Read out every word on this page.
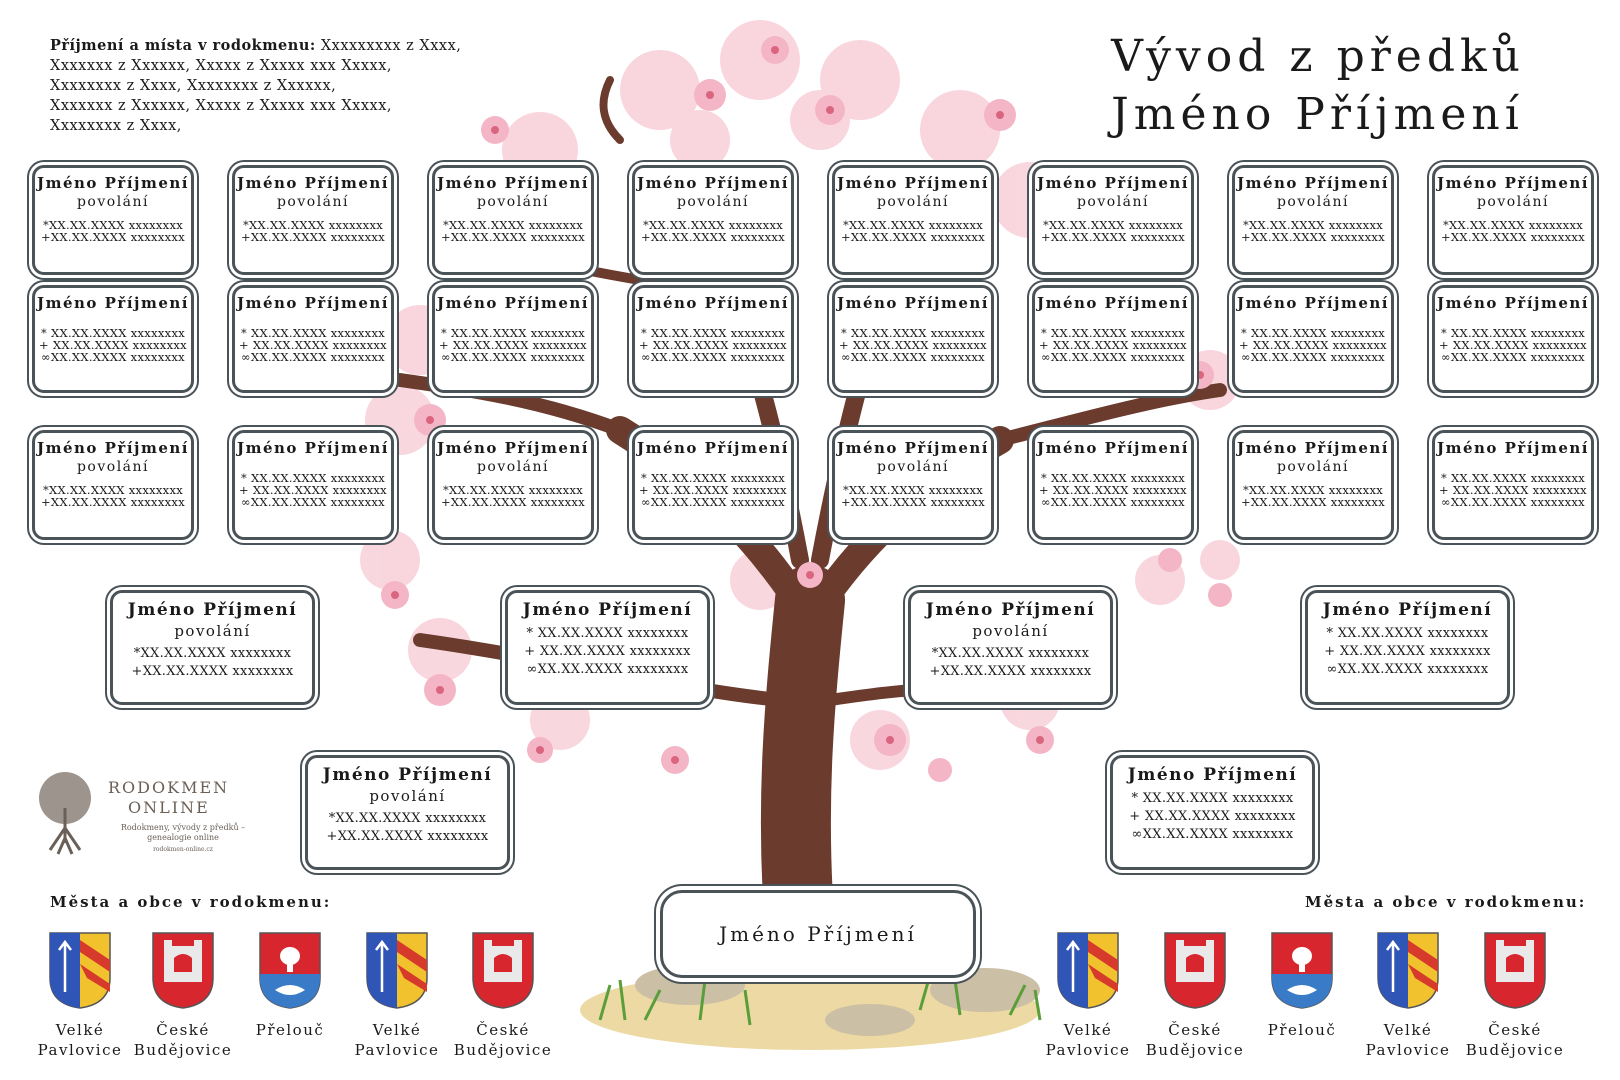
Příjmení a místa v rodokmenu: Xxxxxxxxx z Xxxx,
Xxxxxxx z Xxxxxx, Xxxxx z Xxxxx xxx Xxxxx,
Xxxxxxxx z Xxxx, Xxxxxxxx z Xxxxxx,
Xxxxxxx z Xxxxxx, Xxxxx z Xxxxx xxx Xxxxx,
Xxxxxxxx z Xxxx,
Vývod z předků
Jméno Příjmení
Jméno Příjmení
povolání
*XX.XX.XXXX xxxxxxxx
+XX.XX.XXXX xxxxxxxx
Jméno Příjmení
povolání
*XX.XX.XXXX xxxxxxxx
+XX.XX.XXXX xxxxxxxx
Jméno Příjmení
povolání
*XX.XX.XXXX xxxxxxxx
+XX.XX.XXXX xxxxxxxx
Jméno Příjmení
povolání
*XX.XX.XXXX xxxxxxxx
+XX.XX.XXXX xxxxxxxx
Jméno Příjmení
povolání
*XX.XX.XXXX xxxxxxxx
+XX.XX.XXXX xxxxxxxx
Jméno Příjmení
povolání
*XX.XX.XXXX xxxxxxxx
+XX.XX.XXXX xxxxxxxx
Jméno Příjmení
povolání
*XX.XX.XXXX xxxxxxxx
+XX.XX.XXXX xxxxxxxx
Jméno Příjmení
povolání
*XX.XX.XXXX xxxxxxxx
+XX.XX.XXXX xxxxxxxx
Jméno Příjmení
* XX.XX.XXXX xxxxxxxx
+ XX.XX.XXXX xxxxxxxx
∞XX.XX.XXXX xxxxxxxx
Jméno Příjmení
* XX.XX.XXXX xxxxxxxx
+ XX.XX.XXXX xxxxxxxx
∞XX.XX.XXXX xxxxxxxx
Jméno Příjmení
* XX.XX.XXXX xxxxxxxx
+ XX.XX.XXXX xxxxxxxx
∞XX.XX.XXXX xxxxxxxx
Jméno Příjmení
* XX.XX.XXXX xxxxxxxx
+ XX.XX.XXXX xxxxxxxx
∞XX.XX.XXXX xxxxxxxx
Jméno Příjmení
* XX.XX.XXXX xxxxxxxx
+ XX.XX.XXXX xxxxxxxx
∞XX.XX.XXXX xxxxxxxx
Jméno Příjmení
* XX.XX.XXXX xxxxxxxx
+ XX.XX.XXXX xxxxxxxx
∞XX.XX.XXXX xxxxxxxx
Jméno Příjmení
* XX.XX.XXXX xxxxxxxx
+ XX.XX.XXXX xxxxxxxx
∞XX.XX.XXXX xxxxxxxx
Jméno Příjmení
* XX.XX.XXXX xxxxxxxx
+ XX.XX.XXXX xxxxxxxx
∞XX.XX.XXXX xxxxxxxx
Jméno Příjmení
povolání
*XX.XX.XXXX xxxxxxxx
+XX.XX.XXXX xxxxxxxx
Jméno Příjmení
* XX.XX.XXXX xxxxxxxx
+ XX.XX.XXXX xxxxxxxx
∞XX.XX.XXXX xxxxxxxx
Jméno Příjmení
povolání
*XX.XX.XXXX xxxxxxxx
+XX.XX.XXXX xxxxxxxx
Jméno Příjmení
* XX.XX.XXXX xxxxxxxx
+ XX.XX.XXXX xxxxxxxx
∞XX.XX.XXXX xxxxxxxx
Jméno Příjmení
povolání
*XX.XX.XXXX xxxxxxxx
+XX.XX.XXXX xxxxxxxx
Jméno Příjmení
* XX.XX.XXXX xxxxxxxx
+ XX.XX.XXXX xxxxxxxx
∞XX.XX.XXXX xxxxxxxx
Jméno Příjmení
povolání
*XX.XX.XXXX xxxxxxxx
+XX.XX.XXXX xxxxxxxx
Jméno Příjmení
* XX.XX.XXXX xxxxxxxx
+ XX.XX.XXXX xxxxxxxx
∞XX.XX.XXXX xxxxxxxx
Jméno Příjmení
povolání
*XX.XX.XXXX xxxxxxxx
+XX.XX.XXXX xxxxxxxx
Jméno Příjmení
* XX.XX.XXXX xxxxxxxx
+ XX.XX.XXXX xxxxxxxx
∞XX.XX.XXXX xxxxxxxx
Jméno Příjmení
povolání
*XX.XX.XXXX xxxxxxxx
+XX.XX.XXXX xxxxxxxx
Jméno Příjmení
* XX.XX.XXXX xxxxxxxx
+ XX.XX.XXXX xxxxxxxx
∞XX.XX.XXXX xxxxxxxx
Jméno Příjmení
povolání
*XX.XX.XXXX xxxxxxxx
+XX.XX.XXXX xxxxxxxx
Jméno Příjmení
* XX.XX.XXXX xxxxxxxx
+ XX.XX.XXXX xxxxxxxx
∞XX.XX.XXXX xxxxxxxx
Jméno Příjmení
RODOKMEN
ONLINE
Rodokmeny, vývody z předků – genealogie online
rodokmen-online.cz
Města a obce v rodokmenu:	Města a obce v rodokmenu:
Velké
Pavlovice
České
Budějovice
Přelouč	Velké
Pavlovice
České
Budějovice
Velké
Pavlovice
České
Budějovice
Přelouč	Velké
Pavlovice
České
Budějovice
